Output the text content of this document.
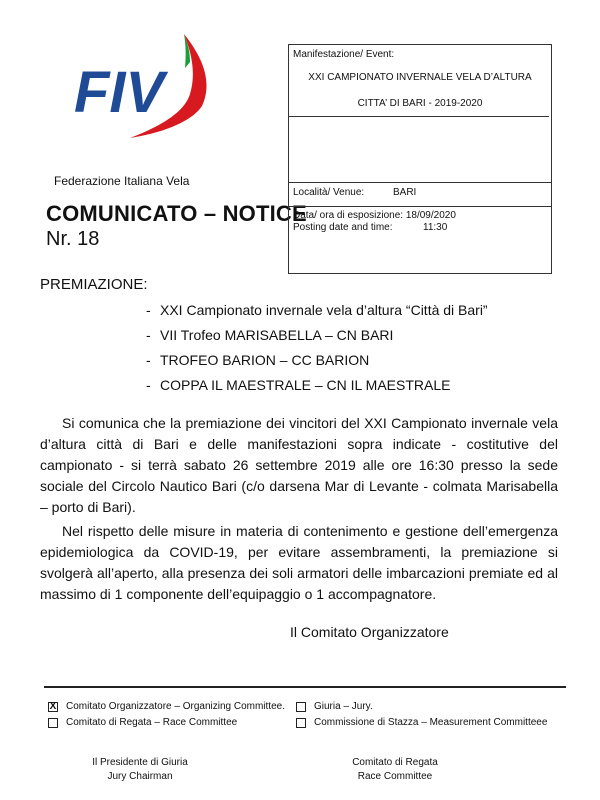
FIV
Federazione Italiana Vela
COMUNICATO – NOTICE
Nr. 18
Manifestazione/ Event:
XXI CAMPIONATO INVERNALE VELA D’ALTURA
CITTA’ DI BARI - 2019-2020
Località/ Venue:	BARI
Data/ ora di esposizione: 18/09/2020
Posting date and time:	11:30
PREMIAZIONE:
- XXI Campionato invernale vela d’altura “Città di Bari”
- VII Trofeo MARISABELLA – CN BARI
- TROFEO BARION – CC BARION
- COPPA IL MAESTRALE – CN IL MAESTRALE
Si comunica che la premiazione dei vincitori del XXI Campionato invernale vela d’altura città di Bari e delle manifestazioni sopra indicate - costitutive del campionato - si terrà sabato 26 settembre 2019 alle ore 16:30 presso la sede sociale del Circolo Nautico Bari (c/o darsena Mar di Levante - colmata Marisabella – porto di Bari).
Nel rispetto delle misure in materia di contenimento e gestione dell’emergenza epidemiologica da COVID-19, per evitare assembramenti, la premiazione si svolgerà all’aperto, alla presenza dei soli armatori delle imbarcazioni premiate ed al massimo di 1 componente dell’equipaggio o 1 accompagnatore.
Il Comitato Organizzatore
X Comitato Organizzatore – Organizing Committee.
Comitato di Regata – Race Committee
Giuria – Jury.
Commissione di Stazza – Measurement Committeee
Il Presidente di Giuria
Jury Chairman
Comitato di Regata
Race Committee
